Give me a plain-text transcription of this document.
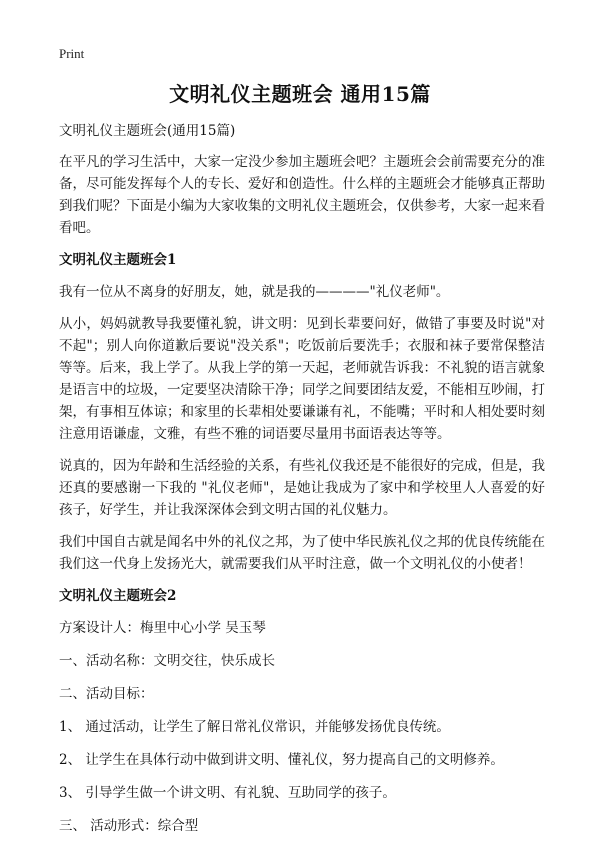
Print
文明礼仪主题班会 通用15篇

文明礼仪主题班会(通用15篇)

在平凡的学习生活中，大家一定没少参加主题班会吧？主题班会会前需要充分的准备，尽可能发挥每个人的专长、爱好和创造性。什么样的主题班会才能够真正帮助到我们呢？下面是小编为大家收集的文明礼仪主题班会，仅供参考，大家一起来看看吧。

文明礼仪主题班会1

我有一位从不离身的好朋友，她，就是我的————"礼仪老师"。

从小，妈妈就教导我要懂礼貌，讲文明：见到长辈要问好，做错了事要及时说"对不起"；别人向你道歉后要说"没关系"；吃饭前后要洗手；衣服和袜子要常保整洁等等。后来，我上学了。从我上学的第一天起，老师就告诉我：不礼貌的语言就象是语言中的垃圾，一定要坚决清除干净；同学之间要团结友爱，不能相互吵闹，打架，有事相互体谅；和家里的长辈相处要谦谦有礼，不能嘴；平时和人相处要时刻注意用语谦虚，文雅，有些不雅的词语要尽量用书面语表达等等。

说真的，因为年龄和生活经验的关系，有些礼仪我还是不能很好的完成，但是，我还真的要感谢一下我的 "礼仪老师"，是她让我成为了家中和学校里人人喜爱的好孩子，好学生，并让我深深体会到文明古国的礼仪魅力。

我们中国自古就是闻名中外的礼仪之邦，为了使中华民族礼仪之邦的优良传统能在我们这一代身上发扬光大，就需要我们从平时注意，做一个文明礼仪的小使者！

文明礼仪主题班会2

方案设计人：梅里中心小学 吴玉琴

一、活动名称：文明交往，快乐成长

二、活动目标：

1、 通过活动，让学生了解日常礼仪常识，并能够发扬优良传统。

2、 让学生在具体行动中做到讲文明、懂礼仪，努力提高自己的文明修养。

3、 引导学生做一个讲文明、有礼貌、互助同学的孩子。

三、 活动形式：综合型
